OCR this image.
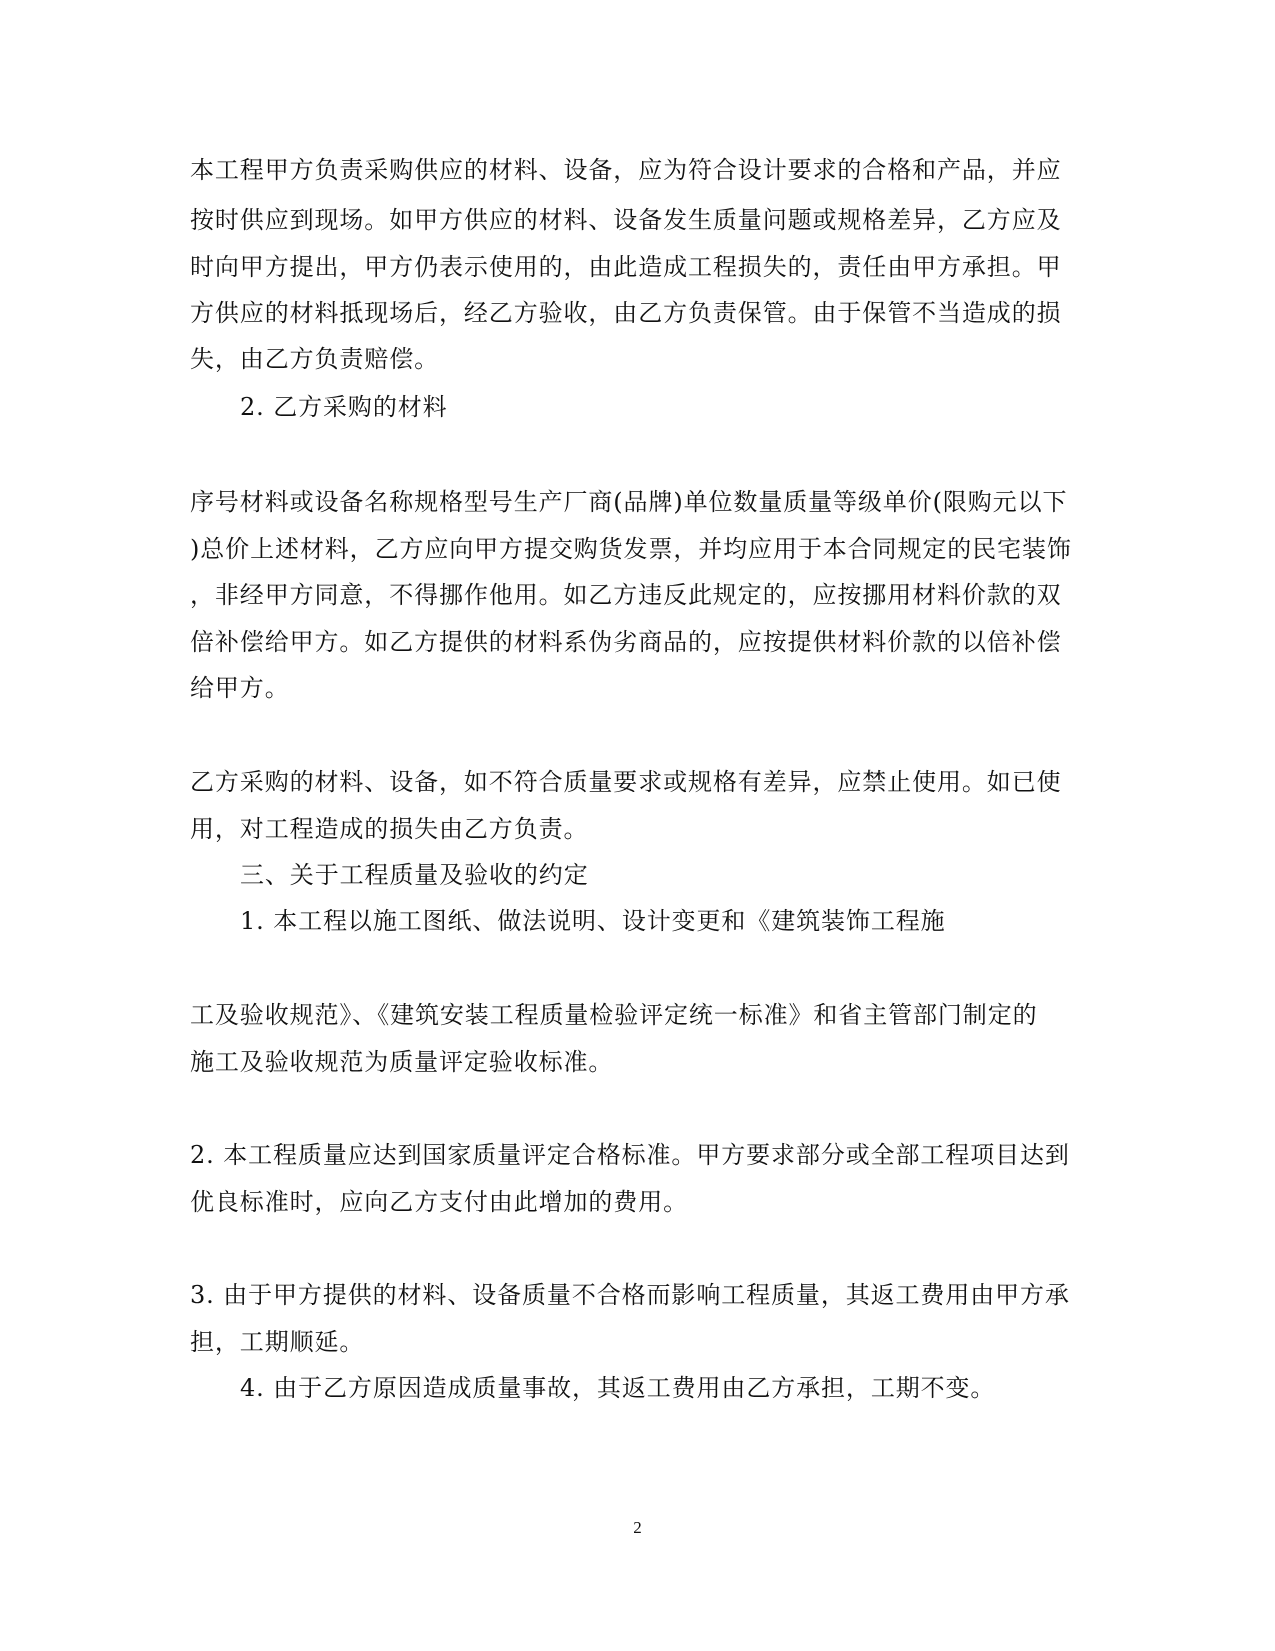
本工程甲方负责采购供应的材料、设备，应为符合设计要求的合格和产品，并应
按时供应到现场。如甲方供应的材料、设备发生质量问题或规格差异，乙方应及
时向甲方提出，甲方仍表示使用的，由此造成工程损失的，责任由甲方承担。甲
方供应的材料抵现场后，经乙方验收，由乙方负责保管。由于保管不当造成的损
失，由乙方负责赔偿。
2. 乙方采购的材料
序号材料或设备名称规格型号生产厂商(品牌)单位数量质量等级单价(限购元以下
)总价上述材料，乙方应向甲方提交购货发票，并均应用于本合同规定的民宅装饰
，非经甲方同意，不得挪作他用。如乙方违反此规定的，应按挪用材料价款的双
倍补偿给甲方。如乙方提供的材料系伪劣商品的，应按提供材料价款的以倍补偿
给甲方。
乙方采购的材料、设备，如不符合质量要求或规格有差异，应禁止使用。如已使
用，对工程造成的损失由乙方负责。
三、关于工程质量及验收的约定
1. 本工程以施工图纸、做法说明、设计变更和《建筑装饰工程施
工及验收规范》、《建筑安装工程质量检验评定统一标准》和省主管部门制定的
施工及验收规范为质量评定验收标准。
2. 本工程质量应达到国家质量评定合格标准。甲方要求部分或全部工程项目达到
优良标准时，应向乙方支付由此增加的费用。
3. 由于甲方提供的材料、设备质量不合格而影响工程质量，其返工费用由甲方承
担，工期顺延。
4. 由于乙方原因造成质量事故，其返工费用由乙方承担，工期不变。
2
